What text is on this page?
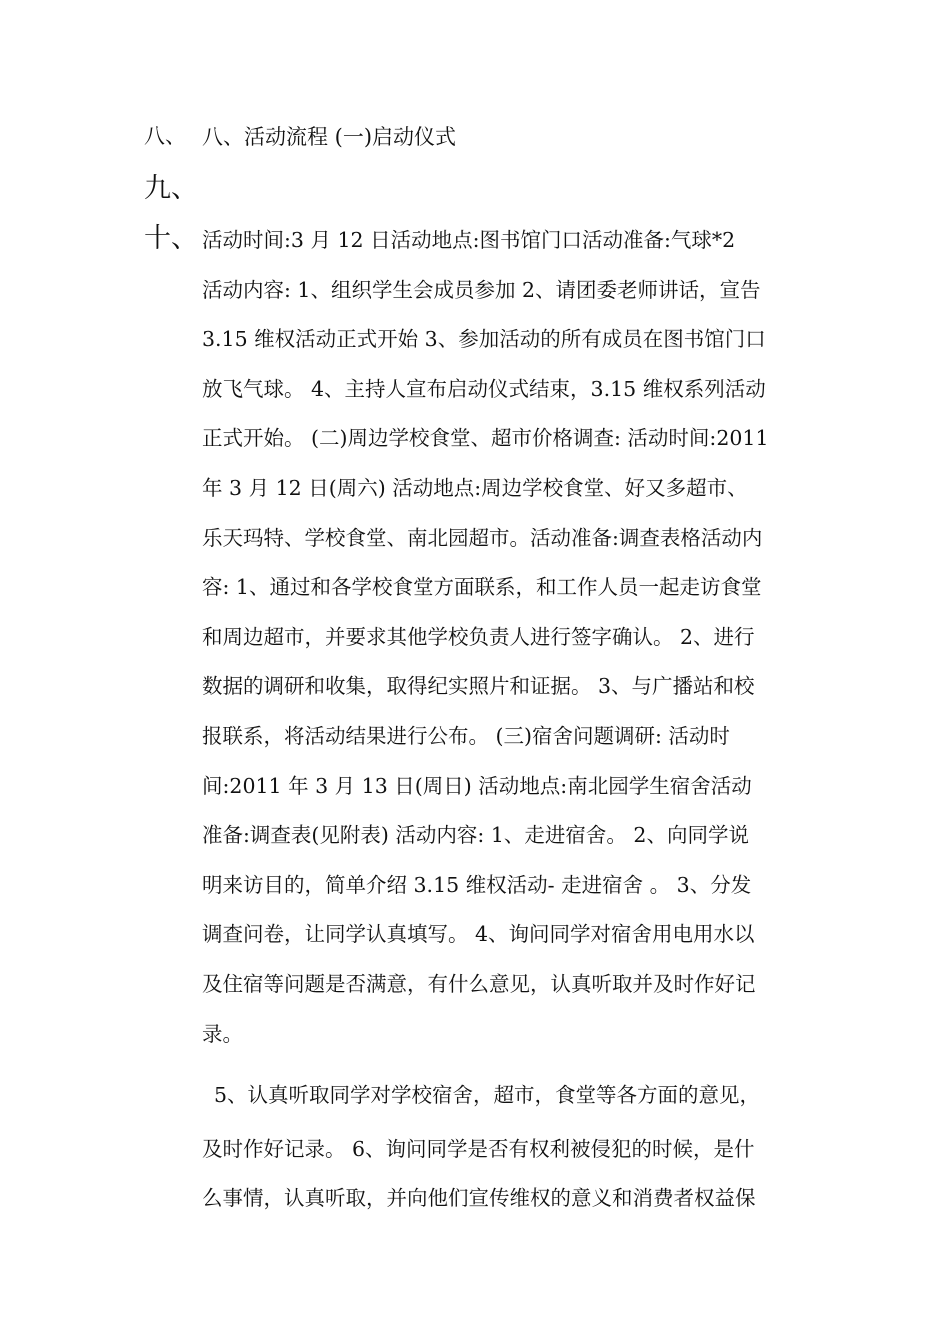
八、 八、活动流程 (一)启动仪式
九、
十、 活动时间:3 月 12 日活动地点:图书馆门口活动准备:气球*2
活动内容: 1、组织学生会成员参加 2、请团委老师讲话，宣告
3.15 维权活动正式开始 3、参加活动的所有成员在图书馆门口
放飞气球。 4、主持人宣布启动仪式结束，3.15 维权系列活动
正式开始。 (二)周边学校食堂、超市价格调查: 活动时间:2011
年 3 月 12 日(周六) 活动地点:周边学校食堂、好又多超市、
乐天玛特、学校食堂、南北园超市。活动准备:调查表格活动内
容: 1、通过和各学校食堂方面联系，和工作人员一起走访食堂
和周边超市，并要求其他学校负责人进行签字确认。 2、进行
数据的调研和收集，取得纪实照片和证据。 3、与广播站和校
报联系，将活动结果进行公布。 (三)宿舍问题调研: 活动时
间:2011 年 3 月 13 日(周日) 活动地点:南北园学生宿舍活动
准备:调查表(见附表) 活动内容: 1、走进宿舍。 2、向同学说
明来访目的，简单介绍 3.15 维权活动- 走进宿舍 。 3、分发
调查问卷，让同学认真填写。 4、询问同学对宿舍用电用水以
及住宿等问题是否满意，有什么意见，认真听取并及时作好记
录。
5、认真听取同学对学校宿舍，超市，食堂等各方面的意见，
及时作好记录。 6、询问同学是否有权利被侵犯的时候，是什
么事情，认真听取，并向他们宣传维权的意义和消费者权益保
